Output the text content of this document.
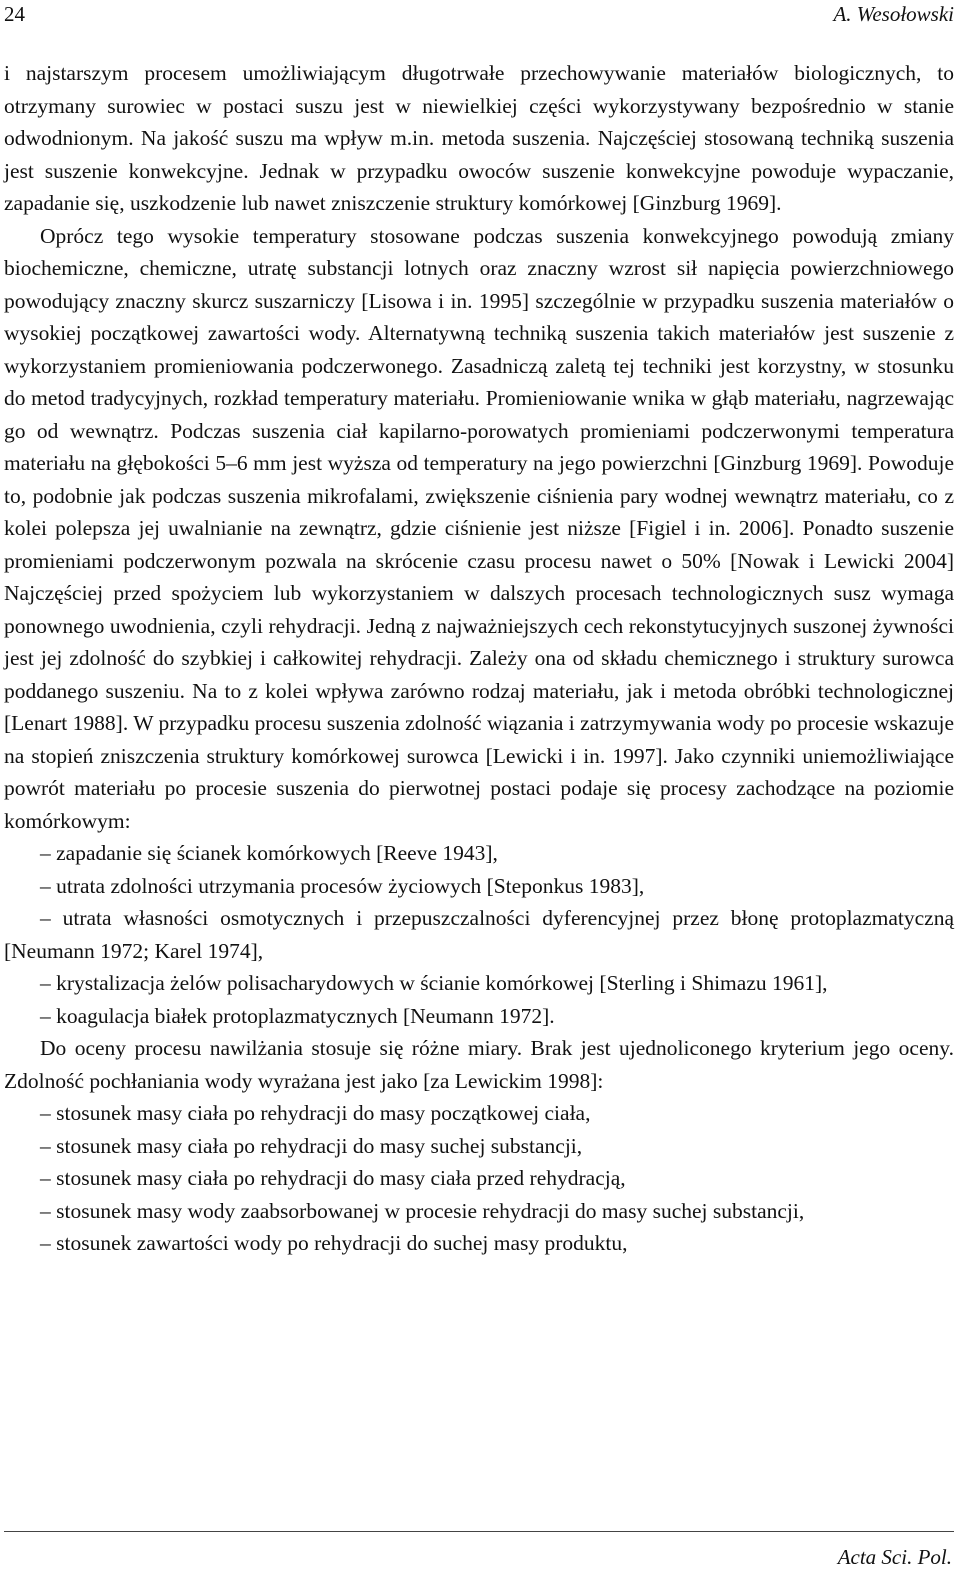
24	A. Wesołowski

i najstarszym procesem umożliwiającym długotrwałe przechowywanie materiałów biologicznych, to otrzymany surowiec w postaci suszu jest w niewielkiej części wykorzystywany bezpośrednio w stanie odwodnionym. Na jakość suszu ma wpływ m.in. metoda suszenia. Najczęściej stosowaną techniką suszenia jest suszenie konwekcyjne. Jednak w przypadku owoców suszenie konwekcyjne powoduje wypaczanie, zapadanie się, uszkodzenie lub nawet zniszczenie struktury komórkowej [Ginzburg 1969].

Oprócz tego wysokie temperatury stosowane podczas suszenia konwekcyjnego powodują zmiany biochemiczne, chemiczne, utratę substancji lotnych oraz znaczny wzrost sił napięcia powierzchniowego powodujący znaczny skurcz suszarniczy [Lisowa i in. 1995] szczególnie w przypadku suszenia materiałów o wysokiej początkowej zawartości wody. Alternatywną techniką suszenia takich materiałów jest suszenie z wykorzystaniem promieniowania podczerwonego. Zasadniczą zaletą tej techniki jest korzystny, w stosunku do metod tradycyjnych, rozkład temperatury materiału. Promieniowanie wnika w głąb materiału, nagrzewając go od wewnątrz. Podczas suszenia ciał kapilarno-porowatych promieniami podczerwonymi temperatura materiału na głębokości 5–6 mm jest wyższa od temperatury na jego powierzchni [Ginzburg 1969]. Powoduje to, podobnie jak podczas suszenia mikrofalami, zwiększenie ciśnienia pary wodnej wewnątrz materiału, co z kolei polepsza jej uwalnianie na zewnątrz, gdzie ciśnienie jest niższe [Figiel i in. 2006]. Ponadto suszenie promieniami podczerwonym pozwala na skrócenie czasu procesu nawet o 50% [Nowak i Lewicki 2004] Najczęściej przed spożyciem lub wykorzystaniem w dalszych procesach technologicznych susz wymaga ponownego uwodnienia, czyli rehydracji. Jedną z najważniejszych cech rekonstytucyjnych suszonej żywności jest jej zdolność do szybkiej i całkowitej rehydracji. Zależy ona od składu chemicznego i struktury surowca poddanego suszeniu. Na to z kolei wpływa zarówno rodzaj materiału, jak i metoda obróbki technologicznej [Lenart 1988]. W przypadku procesu suszenia zdolność wiązania i zatrzymywania wody po procesie wskazuje na stopień zniszczenia struktury komórkowej surowca [Lewicki i in. 1997]. Jako czynniki uniemożliwiające powrót materiału po procesie suszenia do pierwotnej postaci podaje się procesy zachodzące na poziomie komórkowym:

– zapadanie się ścianek komórkowych [Reeve 1943],

– utrata zdolności utrzymania procesów życiowych [Steponkus 1983],

– utrata własności osmotycznych i przepuszczalności dyferencyjnej przez błonę protoplazmatyczną [Neumann 1972; Karel 1974],

– krystalizacja żelów polisacharydowych w ścianie komórkowej [Sterling i Shimazu 1961],

– koagulacja białek protoplazmatycznych [Neumann 1972].

Do oceny procesu nawilżania stosuje się różne miary. Brak jest ujednoliconego kryterium jego oceny. Zdolność pochłaniania wody wyrażana jest jako [za Lewickim 1998]:

– stosunek masy ciała po rehydracji do masy początkowej ciała,

– stosunek masy ciała po rehydracji do masy suchej substancji,

– stosunek masy ciała po rehydracji do masy ciała przed rehydracją,

– stosunek masy wody zaabsorbowanej w procesie rehydracji do masy suchej substancji,

– stosunek zawartości wody po rehydracji do suchej masy produktu,

Acta Sci. Pol.
